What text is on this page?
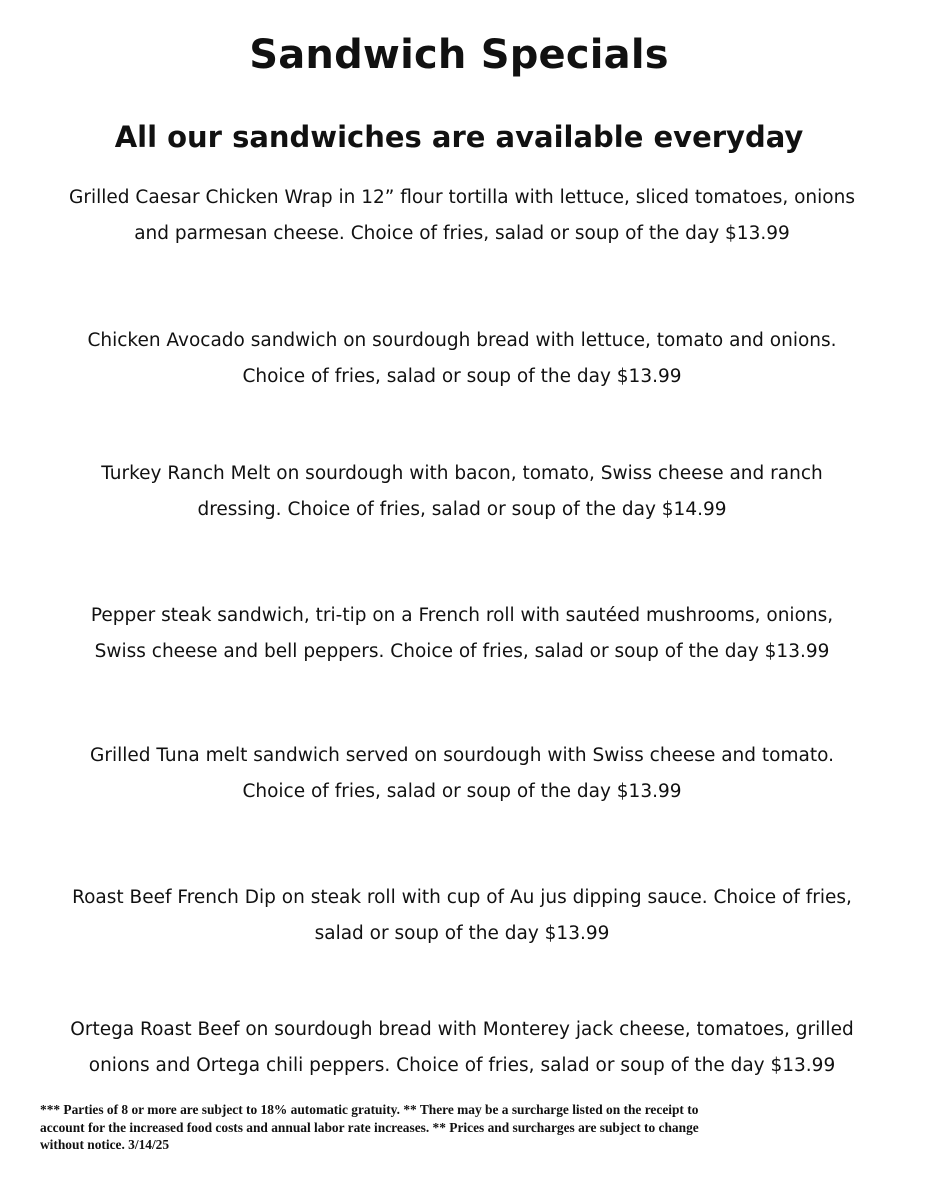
Sandwich Specials
All our sandwiches are available everyday

Grilled Caesar Chicken Wrap in 12” flour tortilla with lettuce, sliced tomatoes, onions
and parmesan cheese. Choice of fries, salad or soup of the day $13.99

Chicken Avocado sandwich on sourdough bread with lettuce, tomato and onions.
Choice of fries, salad or soup of the day $13.99

Turkey Ranch Melt on sourdough with bacon, tomato, Swiss cheese and ranch
dressing. Choice of fries, salad or soup of the day $14.99

Pepper steak sandwich, tri-tip on a French roll with sautéed mushrooms, onions,
Swiss cheese and bell peppers. Choice of fries, salad or soup of the day $13.99

Grilled Tuna melt sandwich served on sourdough with Swiss cheese and tomato.
Choice of fries, salad or soup of the day $13.99

Roast Beef French Dip on steak roll with cup of Au jus dipping sauce. Choice of fries,
salad or soup of the day $13.99

Ortega Roast Beef on sourdough bread with Monterey jack cheese, tomatoes, grilled
onions and Ortega chili peppers. Choice of fries, salad or soup of the day $13.99

*** Parties of 8 or more are subject to 18% automatic gratuity. ** There may be a surcharge listed on the receipt to
account for the increased food costs and annual labor rate increases. ** Prices and surcharges are subject to change
without notice. 3/14/25
